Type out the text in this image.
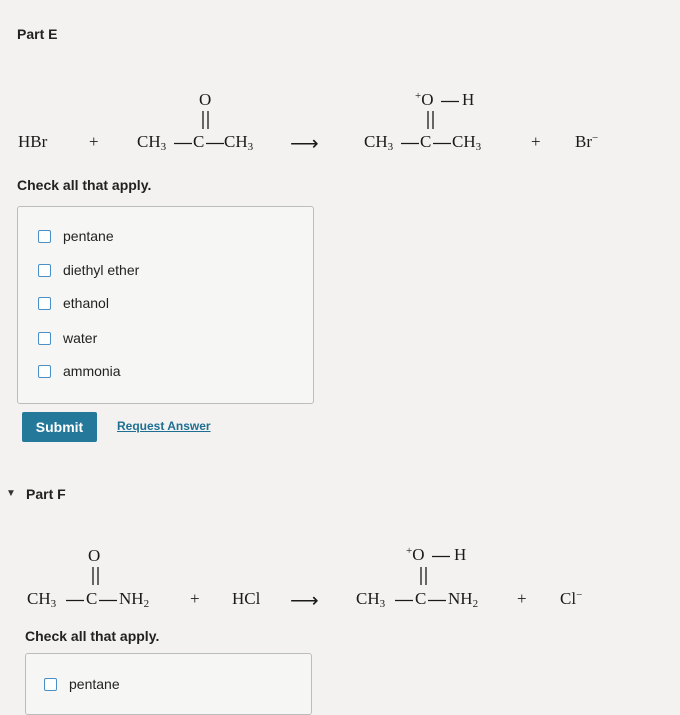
Part E
HBr + $CH_3$ C
O
$CH_3$ ⟶	$CH_3$ C
+O H
$CH_3$	+ Br−
Check all that apply.
pentane
diethyl ether
ethanol
water
ammonia
Submit	Request Answer
▼ Part F
$CH_3$ C
O
$NH_2$ + HCl ⟶ $CH_3$ C
+O H
$NH_2 + Cl^-$
Check all that apply.
pentane
